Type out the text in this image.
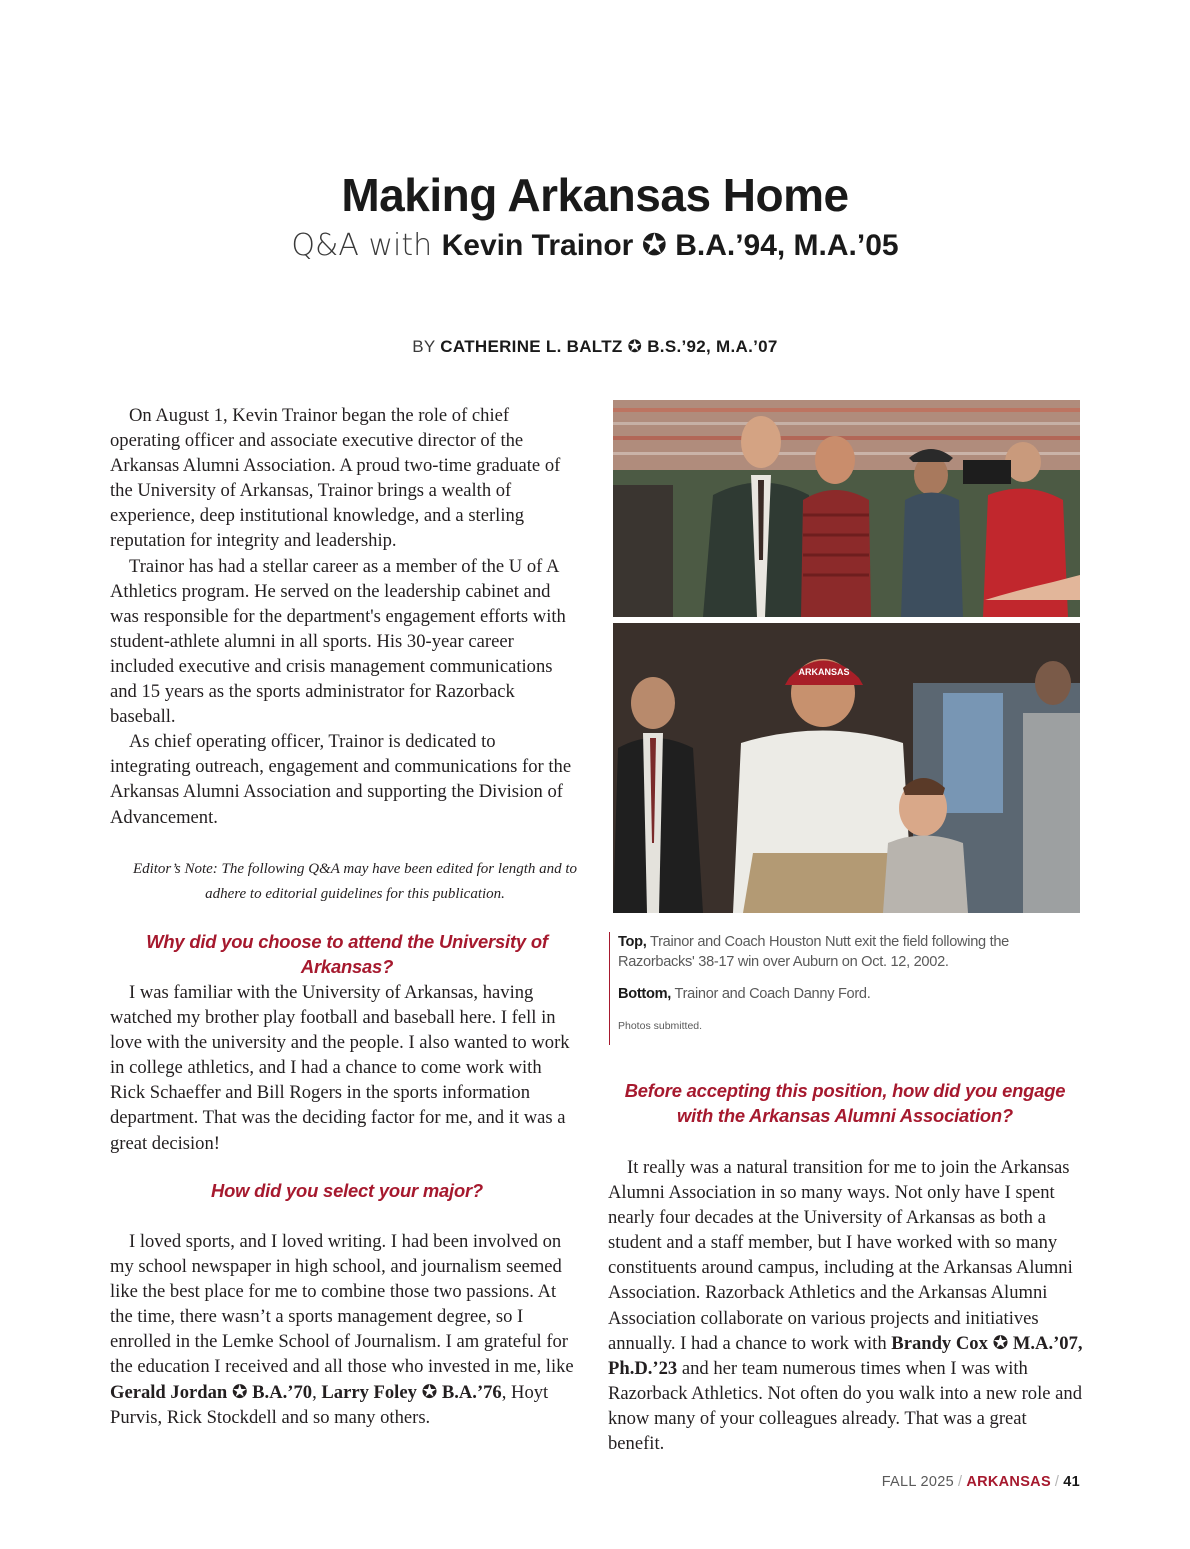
Making Arkansas Home
Q&A with Kevin Trainor ✪ B.A.’94, M.A.’05
BY CATHERINE L. BALTZ ✪ B.S.’92, M.A.’07

On August 1, Kevin Trainor began the role of chief operating officer and associate executive director of the Arkansas Alumni Association. A proud two-time graduate of the University of Arkansas, Trainor brings a wealth of experience, deep institutional knowledge, and a sterling reputation for integrity and leadership.

Trainor has had a stellar career as a member of the U of A Athletics program. He served on the leadership cabinet and was responsible for the department's engagement efforts with student-athlete alumni in all sports. His 30-year career included executive and crisis management communications and 15 years as the sports administrator for Razorback baseball.

As chief operating officer, Trainor is dedicated to integrating outreach, engagement and communications for the Arkansas Alumni Association and supporting the Division of Advancement.

Editor’s Note: The following Q&A may have been edited for length and to adhere to editorial guidelines for this publication.
Why did you choose to attend the University of Arkansas?

I was familiar with the University of Arkansas, having watched my brother play football and baseball here. I fell in love with the university and the people. I also wanted to work in college athletics, and I had a chance to come work with Rick Schaeffer and Bill Rogers in the sports information department. That was the deciding factor for me, and it was a great decision!

How did you select your major?

I loved sports, and I loved writing. I had been involved on my school newspaper in high school, and journalism seemed like the best place for me to combine those two passions. At the time, there wasn’t a sports management degree, so I enrolled in the Lemke School of Journalism. I am grateful for the education I received and all those who invested in me, like Gerald Jordan ✪ B.A.’70, Larry Foley ✪ B.A.’76, Hoyt Purvis, Rick Stockdell and so many others.

ARKANSAS
Top, Trainor and Coach Houston Nutt exit the field following the Razorbacks' 38-17 win over Auburn on Oct. 12, 2002.
Bottom, Trainor and Coach Danny Ford.
Photos submitted.
Before accepting this position, how did you engage with the Arkansas Alumni Association?

It really was a natural transition for me to join the Arkansas Alumni Association in so many ways. Not only have I spent nearly four decades at the University of Arkansas as both a student and a staff member, but I have worked with so many constituents around campus, including at the Arkansas Alumni Association. Razorback Athletics and the Arkansas Alumni Association collaborate on various projects and initiatives annually. I had a chance to work with Brandy Cox ✪ M.A.’07, Ph.D.’23 and her team numerous times when I was with Razorback Athletics. Not often do you walk into a new role and know many of your colleagues already. That was a great benefit.

FALL 2025 / ARKANSAS / 41
